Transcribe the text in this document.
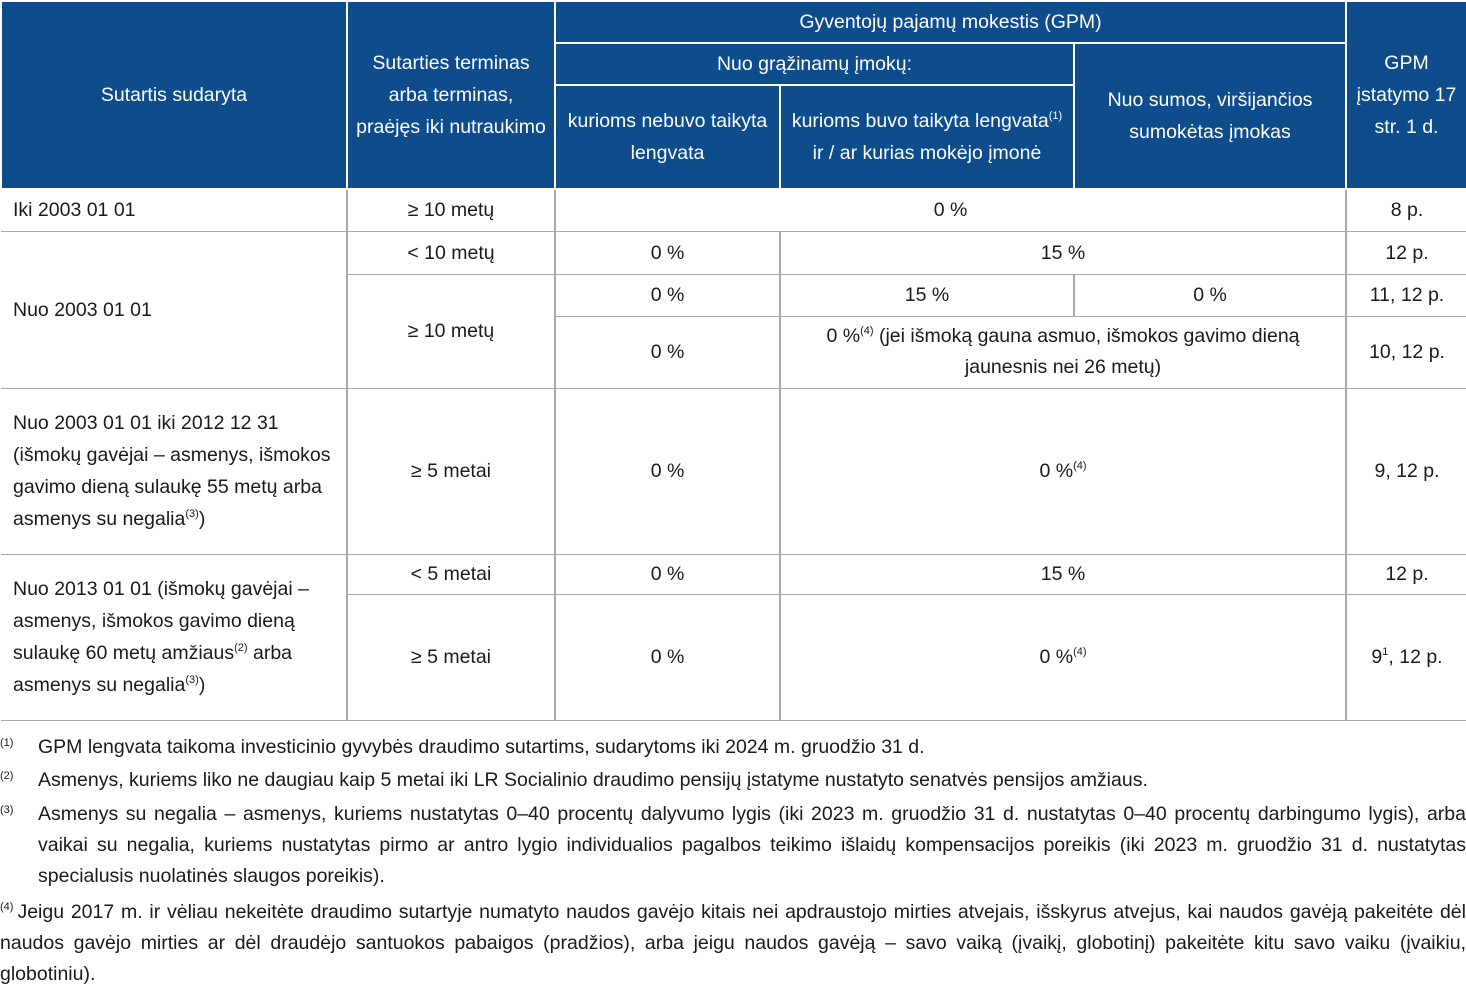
Sutartis sudaryta	Sutarties terminas arba terminas, praėjęs iki nutraukimo	Gyventojų pajamų mokestis (GPM)			GPM įstatymo 17 str. 1 d.
		Nuo grąžinamų įmokų:		Nuo sumos, viršijančios sumokėtas įmokas	
		kurioms nebuvo taikyta lengvata	kurioms buvo taikyta lengvata$^{(1)}$ ir / ar kurias mokėjo įmonė		
Iki 2003 01 01	≥ 10 metų	0 %			8 p.
Nuo 2003 01 01	< 10 metų	0 %	15 %		12 p.
	≥ 10 metų	0 %	15 %	0 %	11, 12 p.
		0 %	0 %$^{(4)}$ (jei išmoką gauna asmuo, išmokos gavimo dieną jaunesnis nei 26 metų)		10, 12 p.
Nuo 2003 01 01 iki 2012 12 31 (išmokų gavėjai – asmenys, išmokos gavimo dieną sulaukę 55 metų arba asmenys su negalia$^{(3)}$)	≥ 5 metai	0 %	0 %$^{(4)}$		9, 12 p.
Nuo 2013 01 01 (išmokų gavėjai – asmenys, išmokos gavimo dieną sulaukę 60 metų amžiaus$^{(2)}$ arba asmenys su negalia$^{(3)}$)	< 5 metai	0 %	15 %		12 p.
	≥ 5 metai	0 %	0 %$^{(4)}$		$9^1$, 12 p.
(1) GPM lengvata taikoma investicinio gyvybės draudimo sutartims, sudarytoms iki 2024 m. gruodžio 31 d.
(2) Asmenys, kuriems liko ne daugiau kaip 5 metai iki LR Socialinio draudimo pensijų įstatyme nustatyto senatvės pensijos amžiaus.
(3) Asmenys su negalia – asmenys, kuriems nustatytas 0–40 procentų dalyvumo lygis (iki 2023 m. gruodžio 31 d. nustatytas 0–40 procentų darbingumo lygis), arba vaikai su negalia, kuriems nustatytas pirmo ar antro lygio individualios pagalbos teikimo išlaidų kompensacijos poreikis (iki 2023 m. gruodžio 31 d. nustatytas specialusis nuolatinės slaugos poreikis).
$^{(4)}$ Jeigu 2017 m. ir vėliau nekeitėte draudimo sutartyje numatyto naudos gavėjo kitais nei apdraustojo mirties atvejais, išskyrus atvejus, kai naudos gavėją pakeitėte dėl naudos gavėjo mirties ar dėl draudėjo santuokos pabaigos (pradžios), arba jeigu naudos gavėją – savo vaiką (įvaikį, globotinį) pakeitėte kitu savo vaiku (įvaikiu, globotiniu).
